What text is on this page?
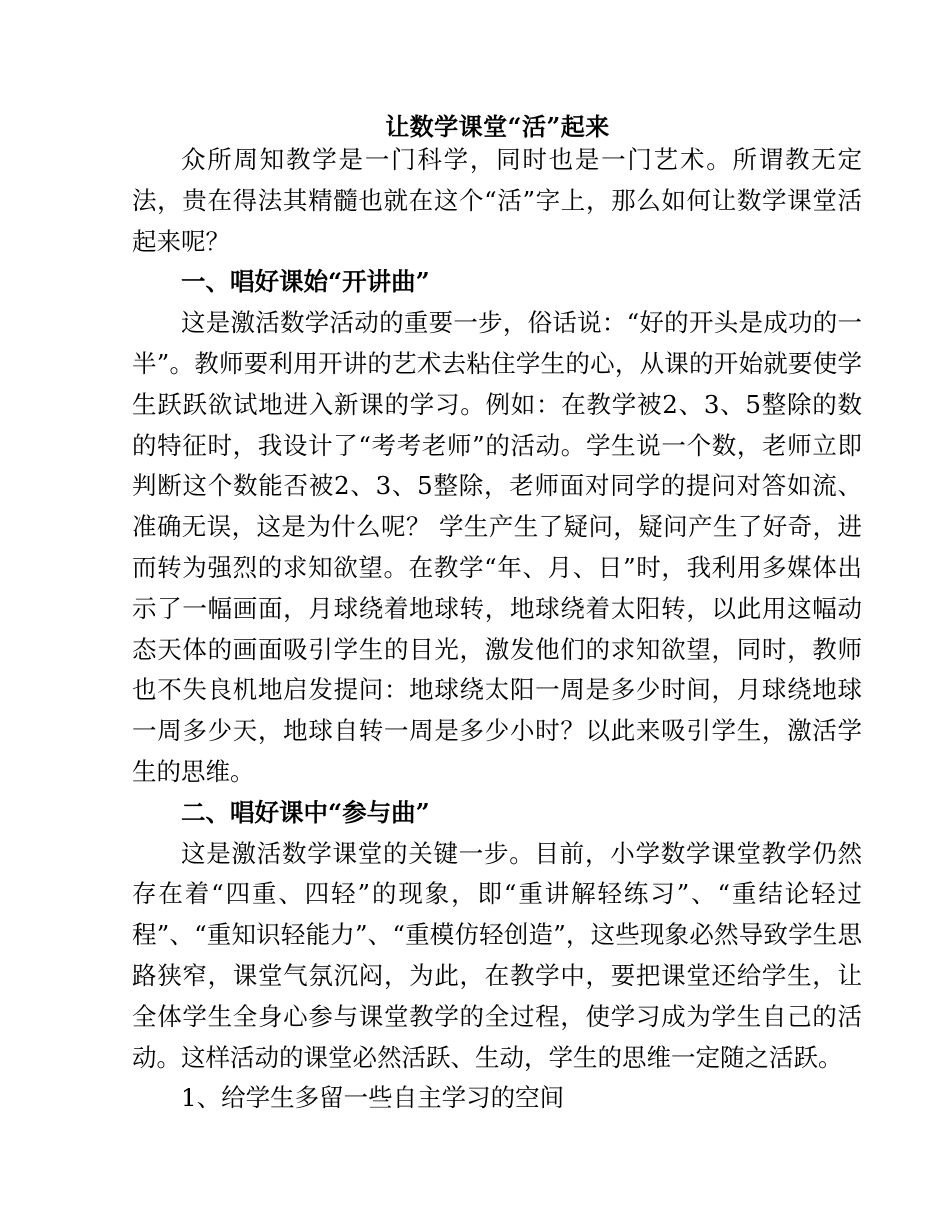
让数学课堂“活”起来

众所周知教学是一门科学，同时也是一门艺术。所谓教无定法，贵在得法其精髓也就在这个“活”字上，那么如何让数学课堂活起来呢？

一、唱好课始“开讲曲”

这是激活数学活动的重要一步，俗话说：“好的开头是成功的一半”。教师要利用开讲的艺术去粘住学生的心，从课的开始就要使学生跃跃欲试地进入新课的学习。例如：在教学被2、3、5整除的数的特征时，我设计了“考考老师”的活动。学生说一个数，老师立即判断这个数能否被2、3、5整除，老师面对同学的提问对答如流、准确无误，这是为什么呢？ 学生产生了疑问，疑问产生了好奇，进而转为强烈的求知欲望。在教学“年、月、日”时，我利用多媒体出示了一幅画面，月球绕着地球转，地球绕着太阳转，以此用这幅动态天体的画面吸引学生的目光，激发他们的求知欲望，同时，教师也不失良机地启发提问：地球绕太阳一周是多少时间，月球绕地球一周多少天，地球自转一周是多少小时？以此来吸引学生，激活学生的思维。

二、唱好课中“参与曲”

这是激活数学课堂的关键一步。目前，小学数学课堂教学仍然存在着“四重、四轻”的现象，即“重讲解轻练习”、“重结论轻过程”、“重知识轻能力”、“重模仿轻创造”，这些现象必然导致学生思路狭窄，课堂气氛沉闷，为此，在教学中，要把课堂还给学生，让全体学生全身心参与课堂教学的全过程，使学习成为学生自己的活动。这样活动的课堂必然活跃、生动，学生的思维一定随之活跃。

1、给学生多留一些自主学习的空间
